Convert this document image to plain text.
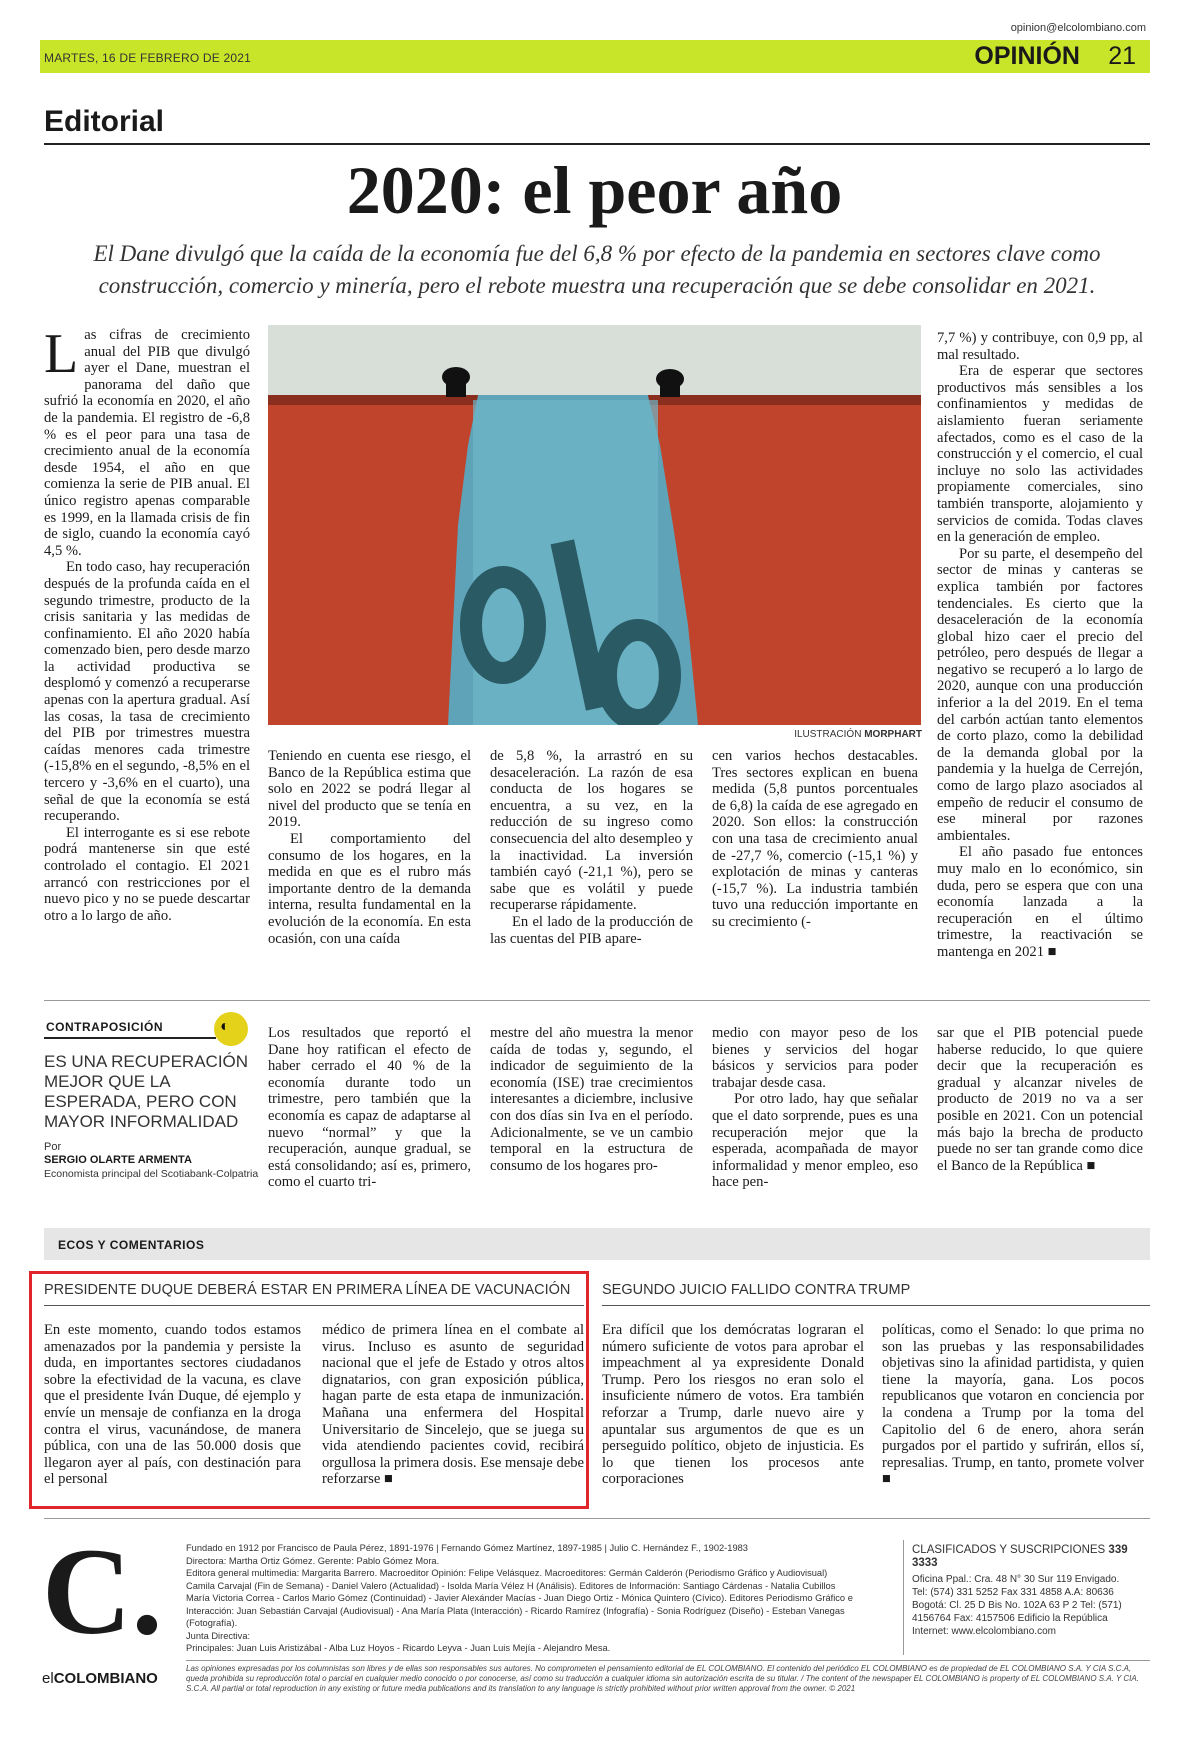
opinion@elcolombiano.com
MARTES, 16 DE FEBRERO DE 2021	OPINIÓN 21
Editorial
2020: el peor año
El Dane divulgó que la caída de la economía fue del 6,8 % por efecto de la pandemia en sectores clave como construcción, comercio y minería, pero el rebote muestra una recuperación que se debe consolidar en 2021.

Las cifras de crecimiento anual del PIB que divulgó ayer el Dane, muestran el panorama del daño que sufrió la economía en 2020, el año de la pandemia. El registro de -6,8 % es el peor para una tasa de crecimiento anual de la economía desde 1954, el año en que comienza la serie de PIB anual. El único registro apenas comparable es 1999, en la llamada crisis de fin de siglo, cuando la economía cayó 4,5 %.

En todo caso, hay recuperación después de la profunda caída en el segundo trimestre, producto de la crisis sanitaria y las medidas de confinamiento. El año 2020 había comenzado bien, pero desde marzo la actividad productiva se desplomó y comenzó a recuperarse apenas con la apertura gradual. Así las cosas, la tasa de crecimiento del PIB por trimestres muestra caídas menores cada trimestre (-15,8% en el segundo, -8,5% en el tercero y -3,6% en el cuarto), una señal de que la economía se está recuperando.

El interrogante es si ese rebote podrá mantenerse sin que esté controlado el contagio. El 2021 arrancó con restricciones por el nuevo pico y no se puede descartar otro a lo largo de año.

ILUSTRACIÓN MORPHART

Teniendo en cuenta ese riesgo, el Banco de la República estima que solo en 2022 se podrá llegar al nivel del producto que se tenía en 2019.

El comportamiento del consumo de los hogares, en la medida en que es el rubro más importante dentro de la demanda interna, resulta fundamental en la evolución de la economía. En esta ocasión, con una caída

de 5,8 %, la arrastró en su desaceleración. La razón de esa conducta de los hogares se encuentra, a su vez, en la reducción de su ingreso como consecuencia del alto desempleo y la inactividad. La inversión también cayó (-21,1 %), pero se sabe que es volátil y puede recuperarse rápidamente.

En el lado de la producción de las cuentas del PIB apare-

cen varios hechos destacables. Tres sectores explican en buena medida (5,8 puntos porcentuales de 6,8) la caída de ese agregado en 2020. Son ellos: la construcción con una tasa de crecimiento anual de -27,7 %, comercio (-15,1 %) y explotación de minas y canteras (-15,7 %). La industria también tuvo una reducción importante en su crecimiento (-

7,7 %) y contribuye, con 0,9 pp, al mal resultado.

Era de esperar que sectores productivos más sensibles a los confinamientos y medidas de aislamiento fueran seriamente afectados, como es el caso de la construcción y el comercio, el cual incluye no solo las actividades propiamente comerciales, sino también transporte, alojamiento y servicios de comida. Todas claves en la generación de empleo.

Por su parte, el desempeño del sector de minas y canteras se explica también por factores tendenciales. Es cierto que la desaceleración de la economía global hizo caer el precio del petróleo, pero después de llegar a negativo se recuperó a lo largo de 2020, aunque con una producción inferior a la del 2019. En el tema del carbón actúan tanto elementos de corto plazo, como la debilidad de la demanda global por la pandemia y la huelga de Cerrejón, como de largo plazo asociados al empeño de reducir el consumo de ese mineral por razones ambientales.

El año pasado fue entonces muy malo en lo económico, sin duda, pero se espera que con una economía lanzada a la recuperación en el último trimestre, la reactivación se mantenga en 2021 ■

CONTRAPOSICIÓN	◐
ES UNA RECUPERACIÓN MEJOR QUE LA ESPERADA, PERO CON MAYOR INFORMALIDAD
Por
SERGIO OLARTE ARMENTA
Economista principal del Scotiabank-Colpatria

Los resultados que reportó el Dane hoy ratifican el efecto de haber cerrado el 40 % de la economía durante todo un trimestre, pero también que la economía es capaz de adaptarse al nuevo “normal” y que la recuperación, aunque gradual, se está consolidando; así es, primero, como el cuarto tri-

mestre del año muestra la menor caída de todas y, segundo, el indicador de seguimiento de la economía (ISE) trae crecimientos interesantes a diciembre, inclusive con dos días sin Iva en el período. Adicionalmente, se ve un cambio temporal en la estructura de consumo de los hogares pro-

medio con mayor peso de los bienes y servicios del hogar básicos y servicios para poder trabajar desde casa.

Por otro lado, hay que señalar que el dato sorprende, pues es una recuperación mejor que la esperada, acompañada de mayor informalidad y menor empleo, eso hace pen-

sar que el PIB potencial puede haberse reducido, lo que quiere decir que la recuperación es gradual y alcanzar niveles de producto de 2019 no va a ser posible en 2021. Con un potencial más bajo la brecha de producto puede no ser tan grande como dice el Banco de la República ■

ECOS Y COMENTARIOS
PRESIDENTE DUQUE DEBERÁ ESTAR EN PRIMERA LÍNEA DE VACUNACIÓN

En este momento, cuando todos estamos amenazados por la pandemia y persiste la duda, en importantes sectores ciudadanos sobre la efectividad de la vacuna, es clave que el presidente Iván Duque, dé ejemplo y envíe un mensaje de confianza en la droga contra el virus, vacunándose, de manera pública, con una de las 50.000 dosis que llegaron ayer al país, con destinación para el personal

médico de primera línea en el combate al virus. Incluso es asunto de seguridad nacional que el jefe de Estado y otros altos dignatarios, con gran exposición pública, hagan parte de esta etapa de inmunización. Mañana una enfermera del Hospital Universitario de Sincelejo, que se juega su vida atendiendo pacientes covid, recibirá orgullosa la primera dosis. Ese mensaje debe reforzarse ■

SEGUNDO JUICIO FALLIDO CONTRA TRUMP

Era difícil que los demócratas lograran el número suficiente de votos para aprobar el impeachment al ya expresidente Donald Trump. Pero los riesgos no eran solo el insuficiente número de votos. Era también reforzar a Trump, darle nuevo aire y apuntalar sus argumentos de que es un perseguido político, objeto de injusticia. Es lo que tienen los procesos ante corporaciones

políticas, como el Senado: lo que prima no son las pruebas y las responsabilidades objetivas sino la afinidad partidista, y quien tiene la mayoría, gana. Los pocos republicanos que votaron en conciencia por la condena a Trump por la toma del Capitolio del 6 de enero, ahora serán purgados por el partido y sufrirán, ellos sí, represalias. Trump, en tanto, promete volver ■

C.
elCOLOMBIANO
Fundado en 1912 por Francisco de Paula Pérez, 1891-1976 | Fernando Gómez Martínez, 1897-1985 | Julio C. Hernández F., 1902-1983
Directora: Martha Ortiz Gómez. Gerente: Pablo Gómez Mora.
Editora general multimedia: Margarita Barrero. Macroeditor Opinión: Felipe Velásquez. Macroeditores: Germán Calderón (Periodismo Gráfico y Audiovisual)
Camila Carvajal (Fin de Semana) - Daniel Valero (Actualidad) - Isolda María Vélez H (Análisis). Editores de Información: Santiago Cárdenas - Natalia Cubillos
María Victoria Correa - Carlos Mario Gómez (Continuidad) - Javier Alexánder Macías - Juan Diego Ortiz - Mónica Quintero (Cívico). Editores Periodismo Gráfico e
Interacción: Juan Sebastián Carvajal (Audiovisual) - Ana María Plata (Interacción) - Ricardo Ramírez (Infografía) - Sonia Rodríguez (Diseño) - Esteban Vanegas (Fotografía).
Junta Directiva:
Principales: Juan Luis Aristizábal - Alba Luz Hoyos - Ricardo Leyva - Juan Luis Mejía - Alejandro Mesa.
CLASIFICADOS Y SUSCRIPCIONES 339 3333
Oficina Ppal.: Cra. 48 N° 30 Sur 119 Envigado.
Tel: (574) 331 5252 Fax 331 4858 A.A: 80636
Bogotá: Cl. 25 D Bis No. 102A 63 P 2 Tel: (571)
4156764 Fax: 4157506 Edificio la República
Internet: www.elcolombiano.com
Las opiniones expresadas por los columnistas son libres y de ellas son responsables sus autores. No comprometen el pensamiento editorial de EL COLOMBIANO. El contenido del periódico EL COLOMBIANO es de propiedad de EL COLOMBIANO S.A. Y CIA S.C.A, queda prohibida su reproducción total o parcial en cualquier medio conocido o por conocerse, así como su traducción a cualquier idioma sin autorización escrita de su titular. / The content of the newspaper EL COLOMBIANO is property of EL COLOMBIANO S.A. Y CIA. S.C.A. All partial or total reproduction in any existing or future media publications and its translation to any language is strictly prohibited without prior written approval from the owner. © 2021
